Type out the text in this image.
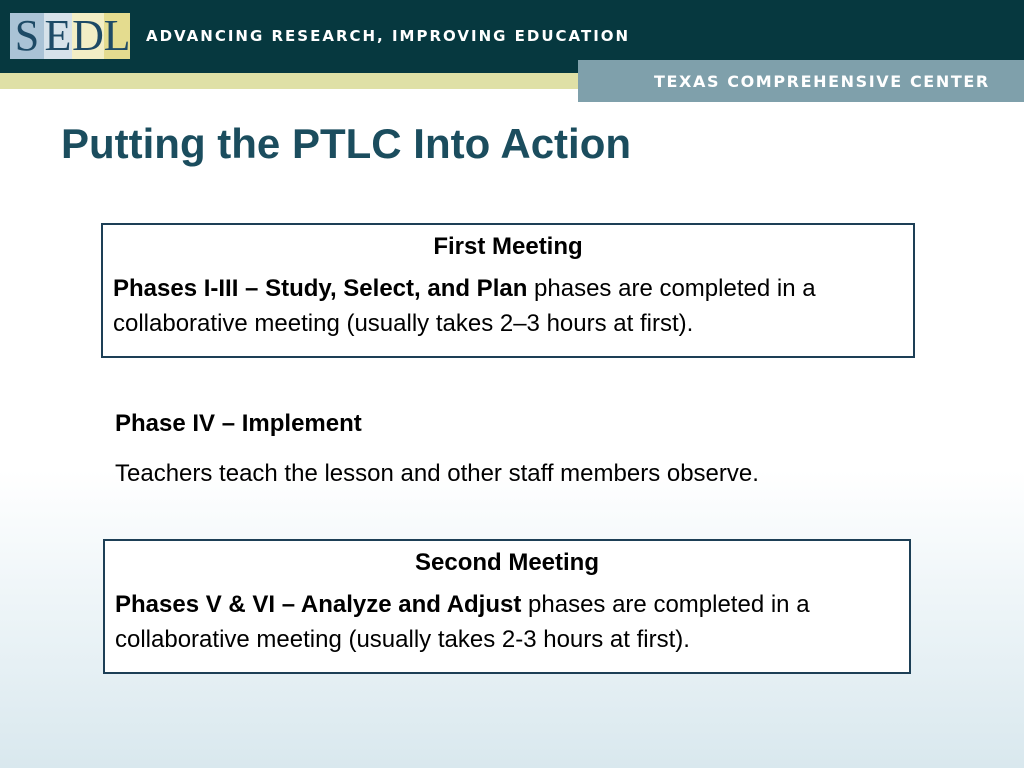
S E D L ADVANCING RESEARCH, IMPROVING EDUCATION
TEXAS COMPREHENSIVE CENTER
Putting the PTLC Into Action
First Meeting
Phases I-III – Study, Select, and Plan phases are completed in a collaborative meeting (usually takes 2–3 hours at first).
Phase IV – Implement
Teachers teach the lesson and other staff members observe.
Second Meeting
Phases V & VI – Analyze and Adjust phases are completed in a collaborative meeting (usually takes 2-3 hours at first).
